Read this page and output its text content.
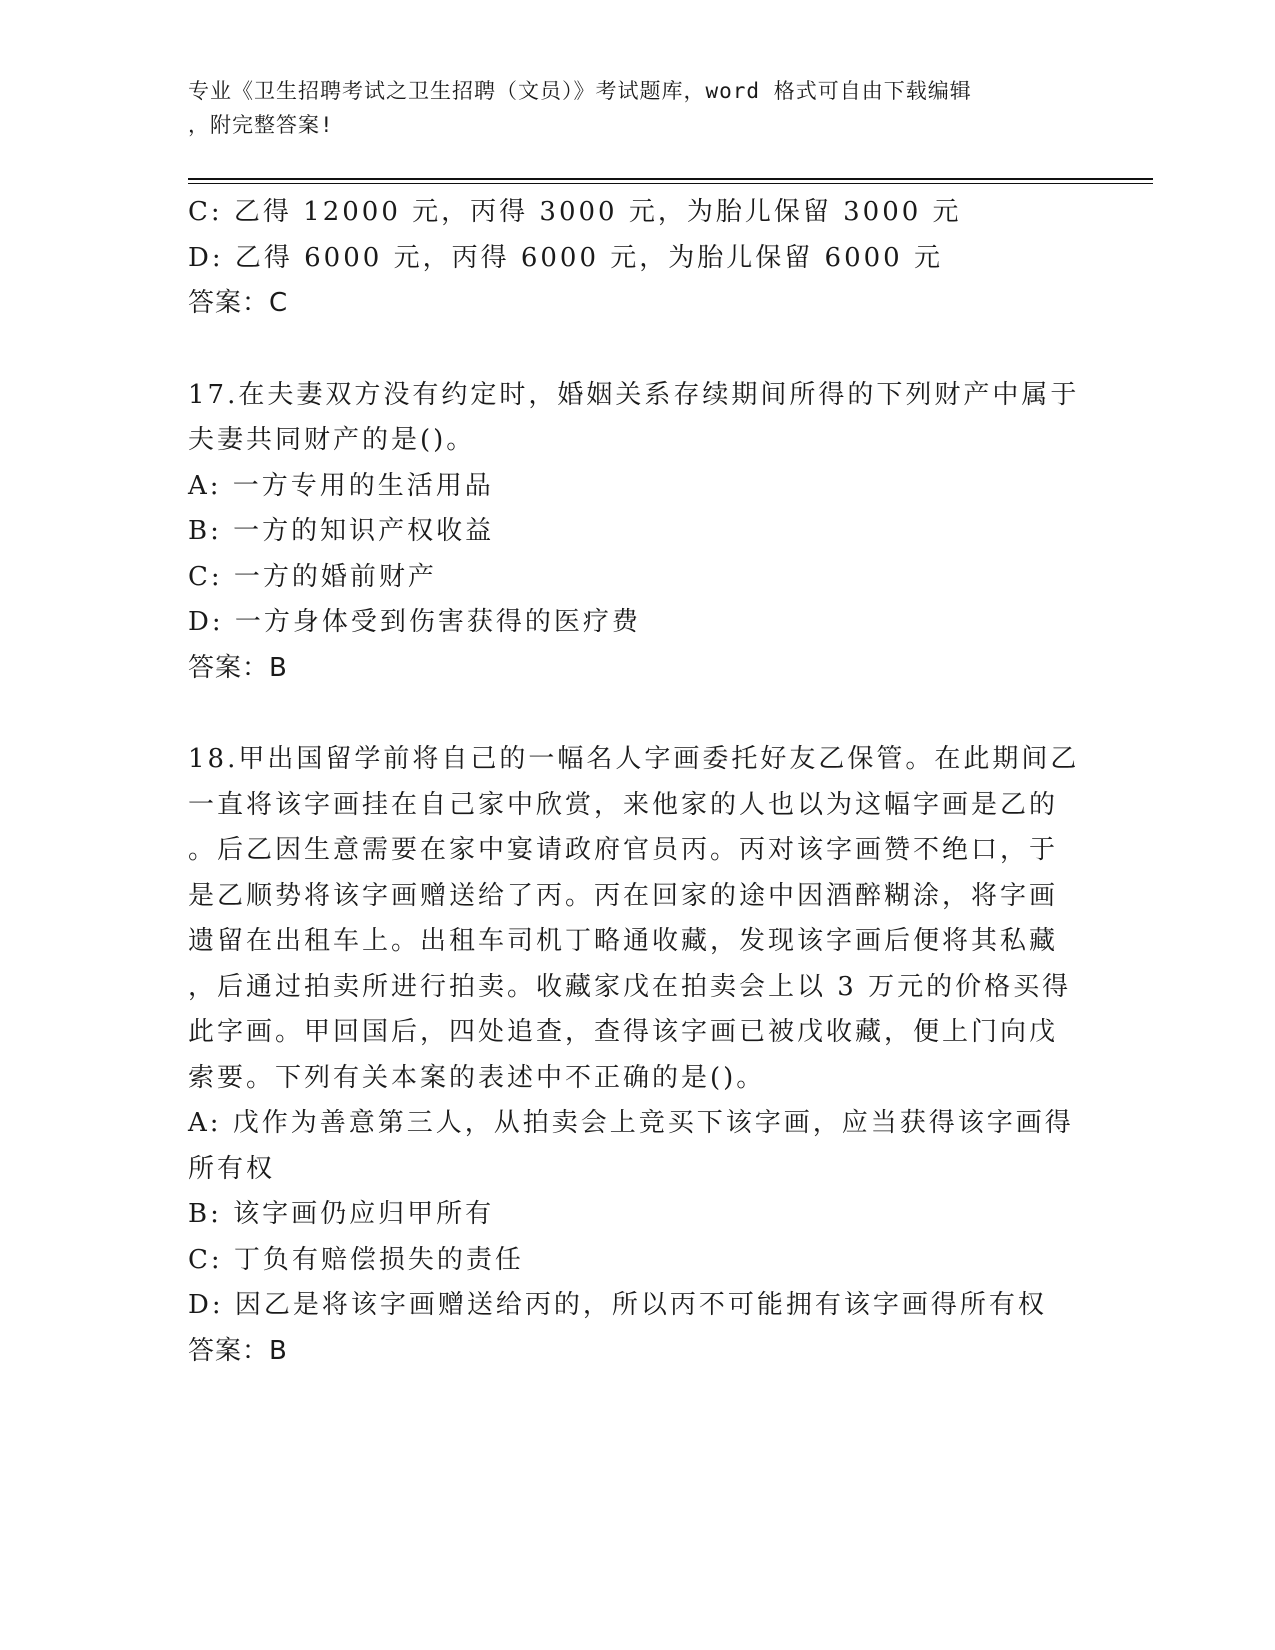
专业《卫生招聘考试之卫生招聘（文员）》考试题库，word 格式可自由下载编辑
，附完整答案!
C: 乙得 12000 元，丙得 3000 元，为胎儿保留 3000 元
D: 乙得 6000 元，丙得 6000 元，为胎儿保留 6000 元
答案：C
17.在夫妻双方没有约定时，婚姻关系存续期间所得的下列财产中属于
夫妻共同财产的是()。
A: 一方专用的生活用品
B: 一方的知识产权收益
C: 一方的婚前财产
D: 一方身体受到伤害获得的医疗费
答案：B
18.甲出国留学前将自己的一幅名人字画委托好友乙保管。在此期间乙
一直将该字画挂在自己家中欣赏，来他家的人也以为这幅字画是乙的
。后乙因生意需要在家中宴请政府官员丙。丙对该字画赞不绝口，于
是乙顺势将该字画赠送给了丙。丙在回家的途中因酒醉糊涂，将字画
遗留在出租车上。出租车司机丁略通收藏，发现该字画后便将其私藏
，后通过拍卖所进行拍卖。收藏家戊在拍卖会上以 3 万元的价格买得
此字画。甲回国后，四处追查，查得该字画已被戊收藏，便上门向戊
索要。下列有关本案的表述中不正确的是()。
A: 戊作为善意第三人，从拍卖会上竞买下该字画，应当获得该字画得
所有权
B: 该字画仍应归甲所有
C: 丁负有赔偿损失的责任
D: 因乙是将该字画赠送给丙的，所以丙不可能拥有该字画得所有权
答案：B
